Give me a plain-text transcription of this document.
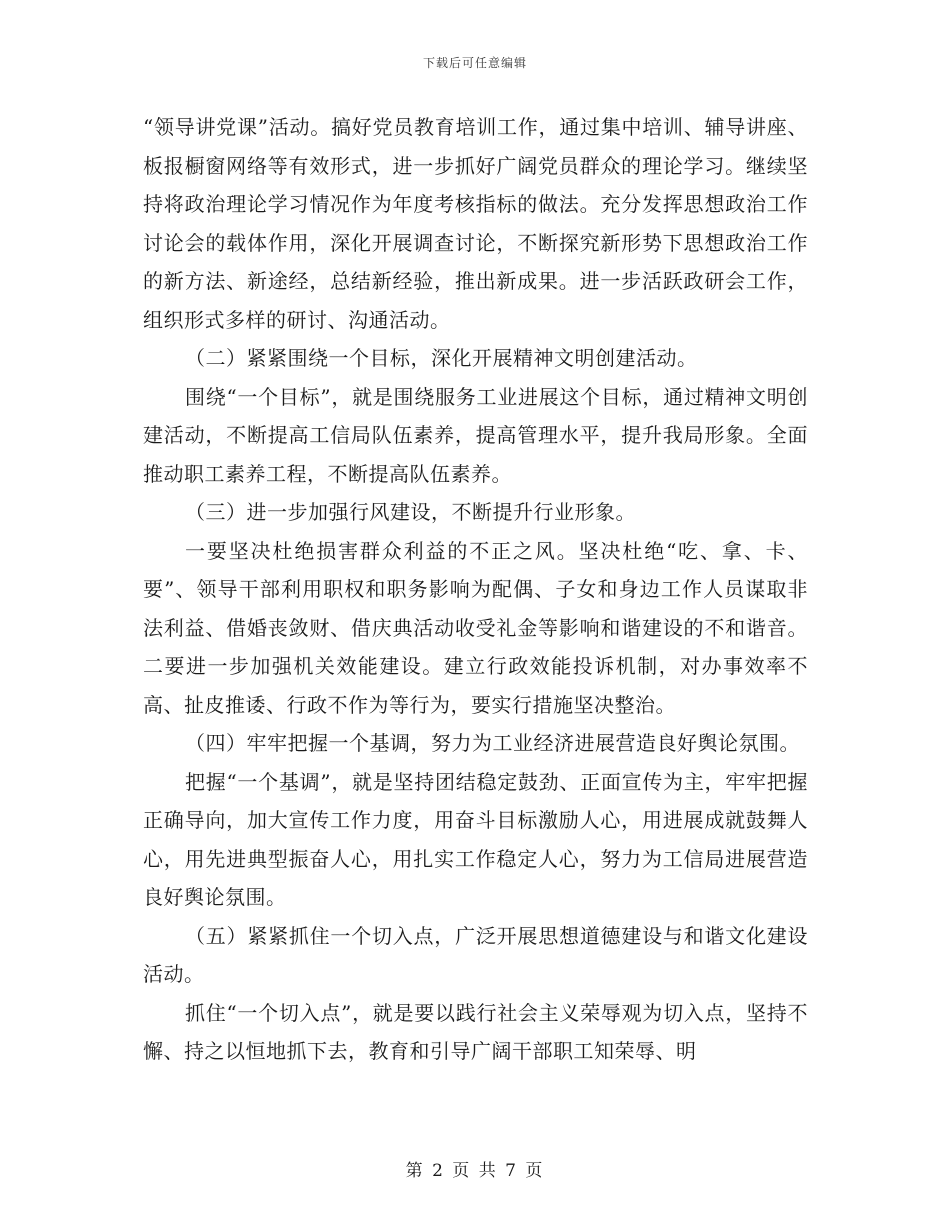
下载后可任意编辑

“领导讲党课”活动。搞好党员教育培训工作，通过集中培训、辅导讲座、板报橱窗网络等有效形式，进一步抓好广阔党员群众的理论学习。继续坚持将政治理论学习情况作为年度考核指标的做法。充分发挥思想政治工作讨论会的载体作用，深化开展调查讨论，不断探究新形势下思想政治工作的新方法、新途经，总结新经验，推出新成果。进一步活跃政研会工作，组织形式多样的研讨、沟通活动。

（二）紧紧围绕一个目标，深化开展精神文明创建活动。

围绕“一个目标”，就是围绕服务工业进展这个目标，通过精神文明创建活动，不断提高工信局队伍素养，提高管理水平，提升我局形象。全面推动职工素养工程，不断提高队伍素养。

（三）进一步加强行风建设，不断提升行业形象。

一要坚决杜绝损害群众利益的不正之风。坚决杜绝“吃、拿、卡、要”、领导干部利用职权和职务影响为配偶、子女和身边工作人员谋取非法利益、借婚丧敛财、借庆典活动收受礼金等影响和谐建设的不和谐音。二要进一步加强机关效能建设。建立行政效能投诉机制，对办事效率不高、扯皮推诿、行政不作为等行为，要实行措施坚决整治。

（四）牢牢把握一个基调，努力为工业经济进展营造良好舆论氛围。

把握“一个基调”，就是坚持团结稳定鼓劲、正面宣传为主，牢牢把握正确导向，加大宣传工作力度，用奋斗目标激励人心，用进展成就鼓舞人心，用先进典型振奋人心，用扎实工作稳定人心，努力为工信局进展营造良好舆论氛围。

（五）紧紧抓住一个切入点，广泛开展思想道德建设与和谐文化建设活动。

抓住“一个切入点”，就是要以践行社会主义荣辱观为切入点，坚持不懈、持之以恒地抓下去，教育和引导广阔干部职工知荣辱、明

第 2 页 共 7 页
